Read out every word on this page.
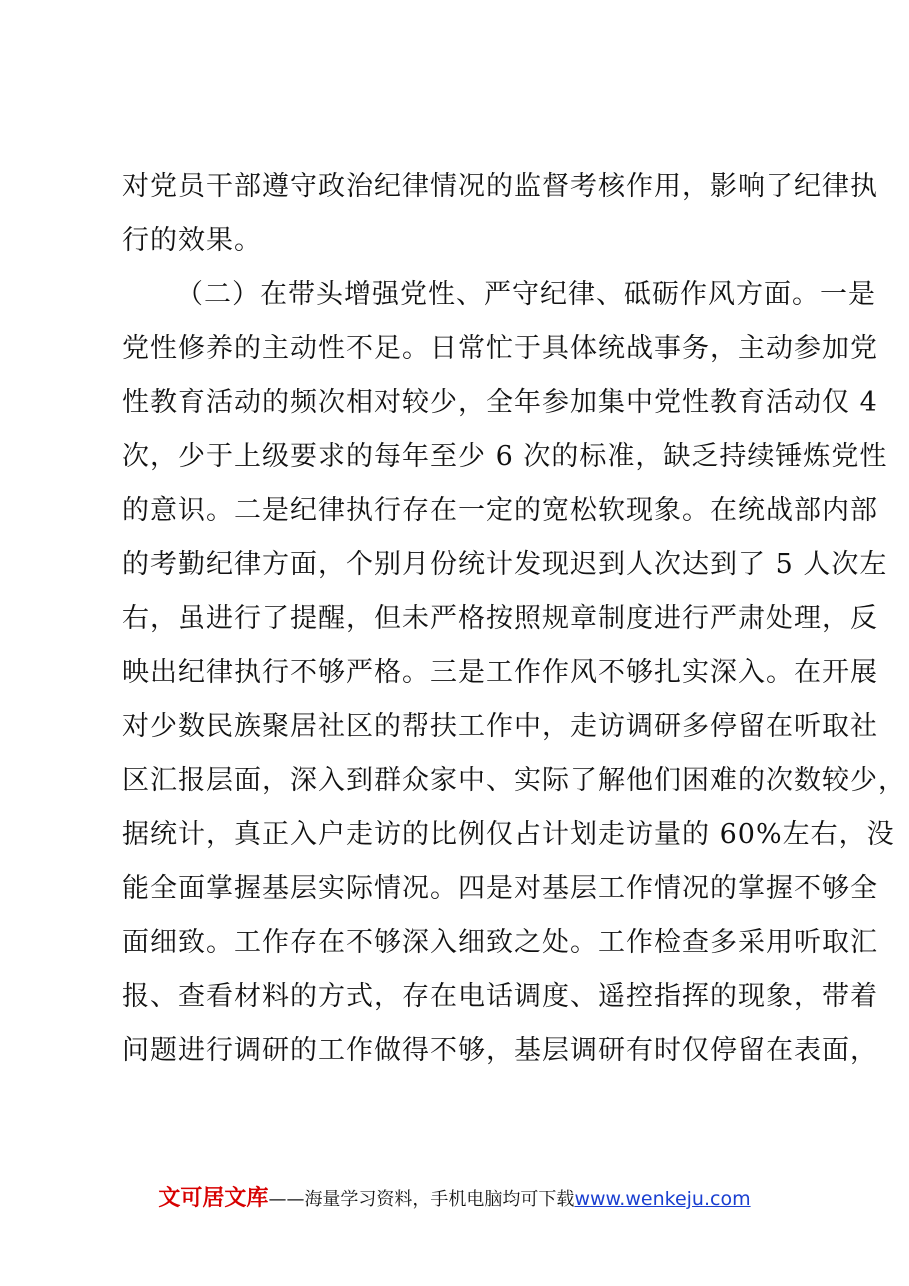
对党员干部遵守政治纪律情况的监督考核作用，影响了纪律执
行的效果。
（二）在带头增强党性、严守纪律、砥砺作风方面。一是
党性修养的主动性不足。日常忙于具体统战事务，主动参加党
性教育活动的频次相对较少，全年参加集中党性教育活动仅 4
次，少于上级要求的每年至少 6 次的标准，缺乏持续锤炼党性
的意识。二是纪律执行存在一定的宽松软现象。在统战部内部
的考勤纪律方面，个别月份统计发现迟到人次达到了 5 人次左
右，虽进行了提醒，但未严格按照规章制度进行严肃处理，反
映出纪律执行不够严格。三是工作作风不够扎实深入。在开展
对少数民族聚居社区的帮扶工作中，走访调研多停留在听取社
区汇报层面，深入到群众家中、实际了解他们困难的次数较少，
据统计，真正入户走访的比例仅占计划走访量的 60%左右，没
能全面掌握基层实际情况。四是对基层工作情况的掌握不够全
面细致。工作存在不够深入细致之处。工作检查多采用听取汇
报、查看材料的方式，存在电话调度、遥控指挥的现象，带着
问题进行调研的工作做得不够，基层调研有时仅停留在表面，
文可居文库——海量学习资料，手机电脑均可下载www.wenkeju.com
